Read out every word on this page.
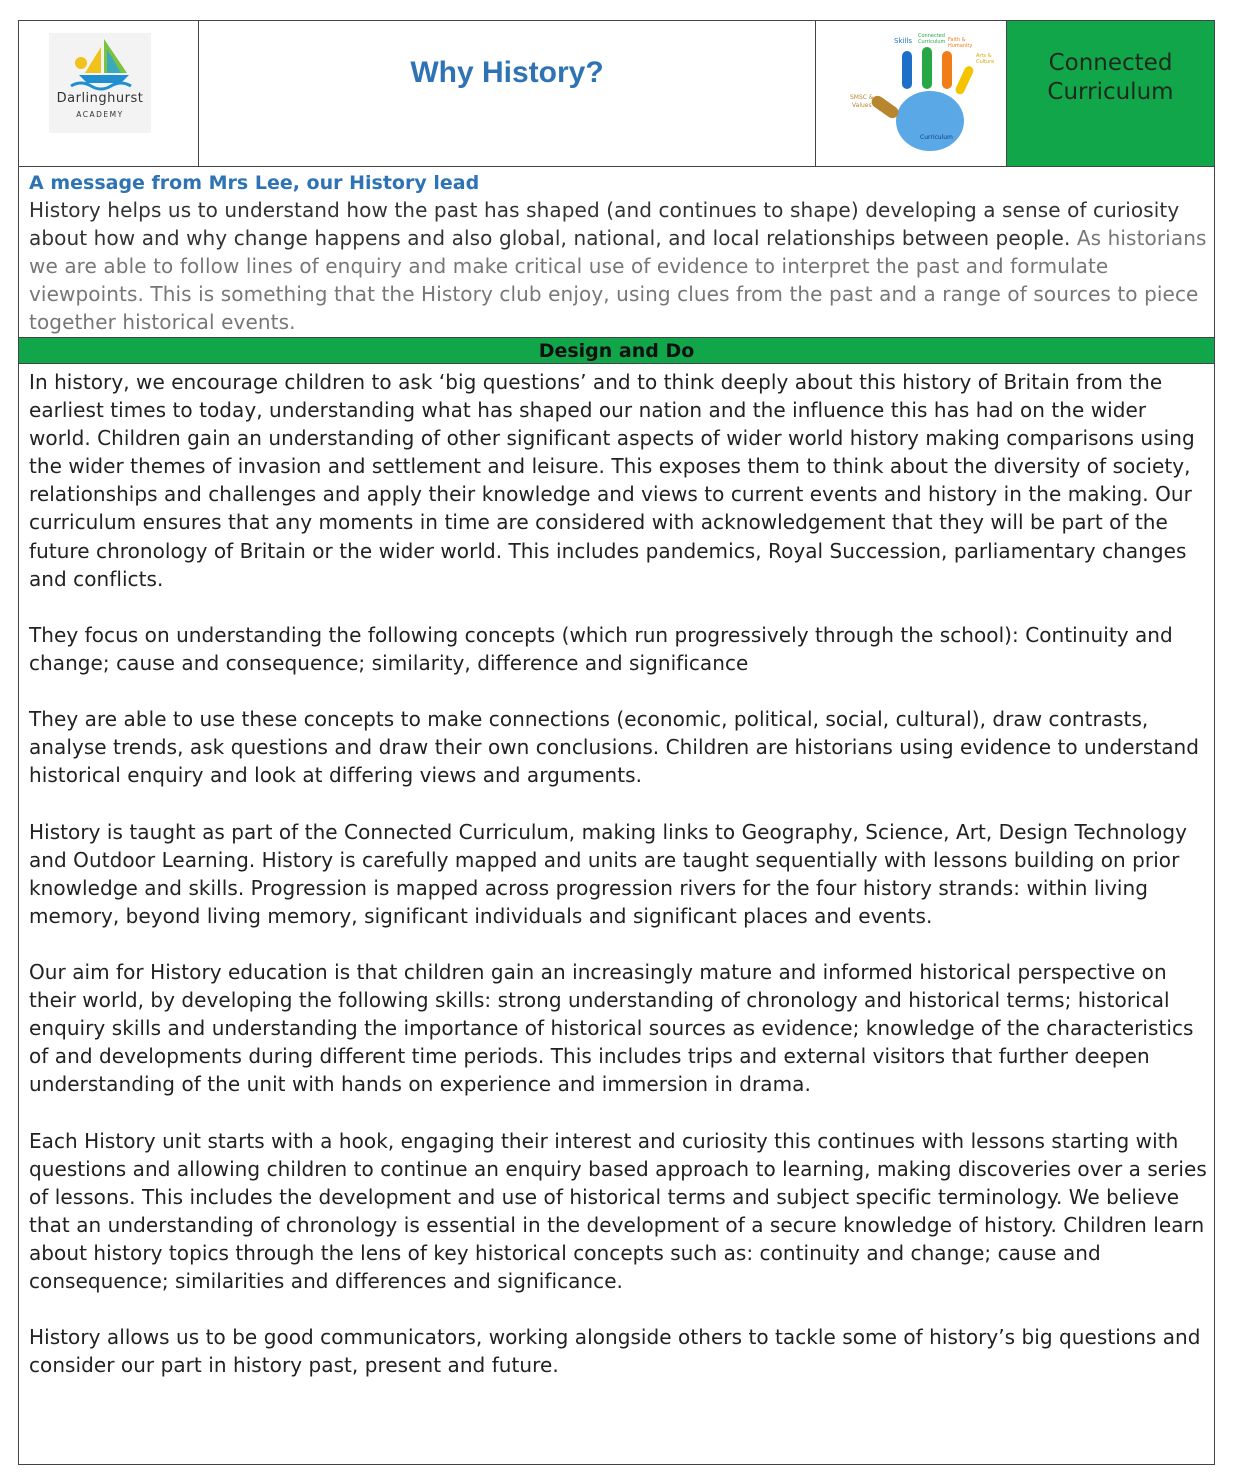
Darlinghurst
ACADEMY
Why History?
Skills
Connected
Curriculum Faith &
Humanity
Arts &
Culture
SMSC &
Values
Curriculum
Connected
Curriculum
A message from Mrs Lee, our History lead

History helps us to understand how the past has shaped (and continues to shape) developing a sense of curiosity about how and why change happens and also global, national, and local relationships between people. As historians we are able to follow lines of enquiry and make critical use of evidence to interpret the past and formulate viewpoints. This is something that the History club enjoy, using clues from the past and a range of sources to piece together historical events.

Design and Do

In history, we encourage children to ask ‘big questions’ and to think deeply about this history of Britain from the earliest times to today, understanding what has shaped our nation and the influence this has had on the wider world. Children gain an understanding of other significant aspects of wider world history making comparisons using the wider themes of invasion and settlement and leisure. This exposes them to think about the diversity of society, relationships and challenges and apply their knowledge and views to current events and history in the making. Our curriculum ensures that any moments in time are considered with acknowledgement that they will be part of the future chronology of Britain or the wider world. This includes pandemics, Royal Succession, parliamentary changes and conflicts.

They focus on understanding the following concepts (which run progressively through the school): Continuity and change; cause and consequence; similarity, difference and significance

They are able to use these concepts to make connections (economic, political, social, cultural), draw contrasts, analyse trends, ask questions and draw their own conclusions. Children are historians using evidence to understand historical enquiry and look at differing views and arguments.

History is taught as part of the Connected Curriculum, making links to Geography, Science, Art, Design Technology and Outdoor Learning. History is carefully mapped and units are taught sequentially with lessons building on prior knowledge and skills. Progression is mapped across progression rivers for the four history strands: within living memory, beyond living memory, significant individuals and significant places and events.

Our aim for History education is that children gain an increasingly mature and informed historical perspective on their world, by developing the following skills: strong understanding of chronology and historical terms; historical enquiry skills and understanding the importance of historical sources as evidence; knowledge of the characteristics of and developments during different time periods. This includes trips and external visitors that further deepen understanding of the unit with hands on experience and immersion in drama.

Each History unit starts with a hook, engaging their interest and curiosity this continues with lessons starting with questions and allowing children to continue an enquiry based approach to learning, making discoveries over a series of lessons. This includes the development and use of historical terms and subject specific terminology. We believe that an understanding of chronology is essential in the development of a secure knowledge of history. Children learn about history topics through the lens of key historical concepts such as: continuity and change; cause and consequence; similarities and differences and significance.

History allows us to be good communicators, working alongside others to tackle some of history’s big questions and consider our part in history past, present and future.
